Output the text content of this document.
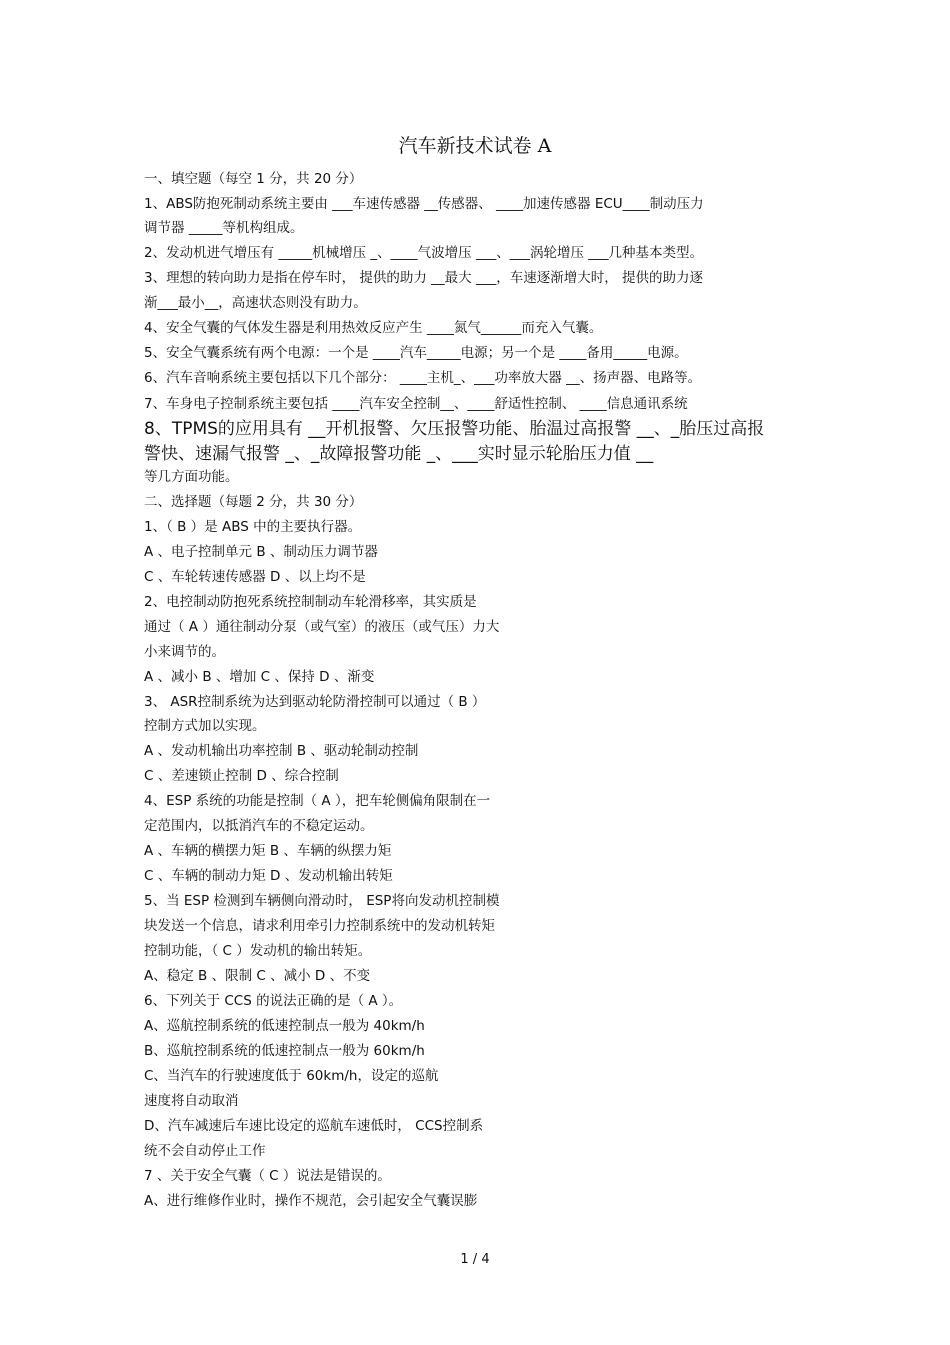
汽车新技术试卷 A
一、填空题（每空 1 分，共 20 分）
1、ABS防抱死制动系统主要由 ___车速传感器 __传感器、 ____加速传感器 ECU____制动压力
调节器 _____等机构组成。
2、发动机进气增压有 _____机械增压 _、____气波增压 ___、___涡轮增压 ___几种基本类型。
3、理想的转向助力是指在停车时， 提供的助力 __最大 ___，车速逐渐增大时， 提供的助力逐
渐___最小__，高速状态则没有助力。
4、安全气囊的气体发生器是利用热效反应产生 ____氮气______而充入气囊。
5、安全气囊系统有两个电源：一个是 ____汽车_____电源；另一个是 ____备用_____电源。
6、汽车音响系统主要包括以下几个部分： ____主机_、___功率放大器 __、扬声器、电路等。
7、车身电子控制系统主要包括 ____汽车安全控制__、____舒适性控制、 ____信息通讯系统
8、TPMS的应用具有 __开机报警、欠压报警功能、胎温过高报警 __、_胎压过高报
警快、速漏气报警 _、_故障报警功能 _、___实时显示轮胎压力值 __
等几方面功能。
二、选择题（每题 2 分，共 30 分）
1、（ B ）是 ABS 中的主要执行器。
A 、电子控制单元 B 、制动压力调节器
C 、车轮转速传感器 D 、以上均不是
2、电控制动防抱死系统控制制动车轮滑移率，其实质是
通过（ A ）通往制动分泵（或气室）的液压（或气压）力大
小来调节的。
A 、减小 B 、增加 C 、保持 D 、渐变
3、 ASR控制系统为达到驱动轮防滑控制可以通过（ B ）
控制方式加以实现。
A 、发动机输出功率控制 B 、驱动轮制动控制
C 、差速锁止控制 D 、综合控制
4、ESP 系统的功能是控制（ A ），把车轮侧偏角限制在一
定范围内，以抵消汽车的不稳定运动。
A 、车辆的横摆力矩 B 、车辆的纵摆力矩
C 、车辆的制动力矩 D 、发动机输出转矩
5、当 ESP 检测到车辆侧向滑动时， ESP将向发动机控制模
块发送一个信息，请求利用牵引力控制系统中的发动机转矩
控制功能，（ C ）发动机的输出转矩。
A、稳定 B 、限制 C 、减小 D 、不变
6、下列关于 CCS 的说法正确的是（ A ）。
A、巡航控制系统的低速控制点一般为 40km/h
B、巡航控制系统的低速控制点一般为 60km/h
C、当汽车的行驶速度低于 60km/h，设定的巡航
速度将自动取消
D、汽车减速后车速比设定的巡航车速低时， CCS控制系
统不会自动停止工作
7 、关于安全气囊（ C ）说法是错误的。
A、进行维修作业时，操作不规范，会引起安全气囊误膨
1 / 4
